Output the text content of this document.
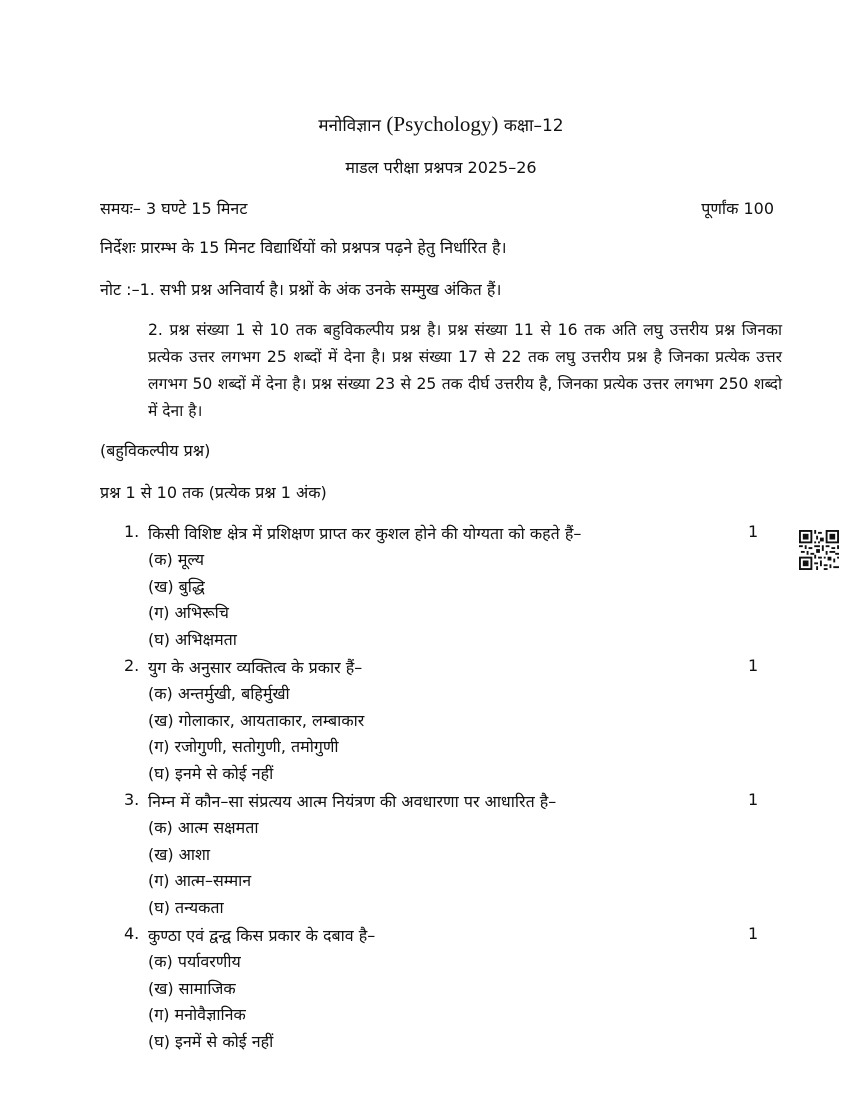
मनोविज्ञान (Psychology) कक्षा–12
माडल परीक्षा प्रश्नपत्र 2025–26
समयः– 3 घण्टे 15 मिनट	पूर्णांक 100
निर्देशः प्रारम्भ के 15 मिनट विद्यार्थियों को प्रश्नपत्र पढ़ने हेतु निर्धारित है।
नोट :–1. सभी प्रश्न अनिवार्य है। प्रश्नों के अंक उनके सम्मुख अंकित हैं।
2. प्रश्न संख्या 1 से 10 तक बहुविकल्पीय प्रश्न है। प्रश्न संख्या 11 से 16 तक अति लघु उत्तरीय प्रश्न जिनका प्रत्येक उत्तर लगभग 25 शब्दों में देना है। प्रश्न संख्या 17 से 22 तक लघु उत्तरीय प्रश्न है जिनका प्रत्येक उत्तर लगभग 50 शब्दों में देना है। प्रश्न संख्या 23 से 25 तक दीर्घ उत्तरीय है, जिनका प्रत्येक उत्तर लगभग 250 शब्दो में देना है।
(बहुविकल्पीय प्रश्न)
प्रश्न 1 से 10 तक (प्रत्येक प्रश्न 1 अंक)
1. किसी विशिष्ट क्षेत्र में प्रशिक्षण प्राप्त कर कुशल होने की योग्यता को कहते हैं–	1
(क) मूल्य
(ख) बुद्धि
(ग) अभिरूचि
(घ) अभिक्षमता
2. युग के अनुसार व्यक्तित्व के प्रकार हैं–	1
(क) अन्तर्मुखी, बहिर्मुखी
(ख) गोलाकार, आयताकार, लम्बाकार
(ग) रजोगुणी, सतोगुणी, तमोगुणी
(घ) इनमे से कोई नहीं
3. निम्न में कौन–सा संप्रत्यय आत्म नियंत्रण की अवधारणा पर आधारित है–	1
(क) आत्म सक्षमता
(ख) आशा
(ग) आत्म–सम्मान
(घ) तन्यकता
4. कुण्ठा एवं द्वन्द्व किस प्रकार के दबाव है–	1
(क) पर्यावरणीय
(ख) सामाजिक
(ग) मनोवैज्ञानिक
(घ) इनमें से कोई नहीं
